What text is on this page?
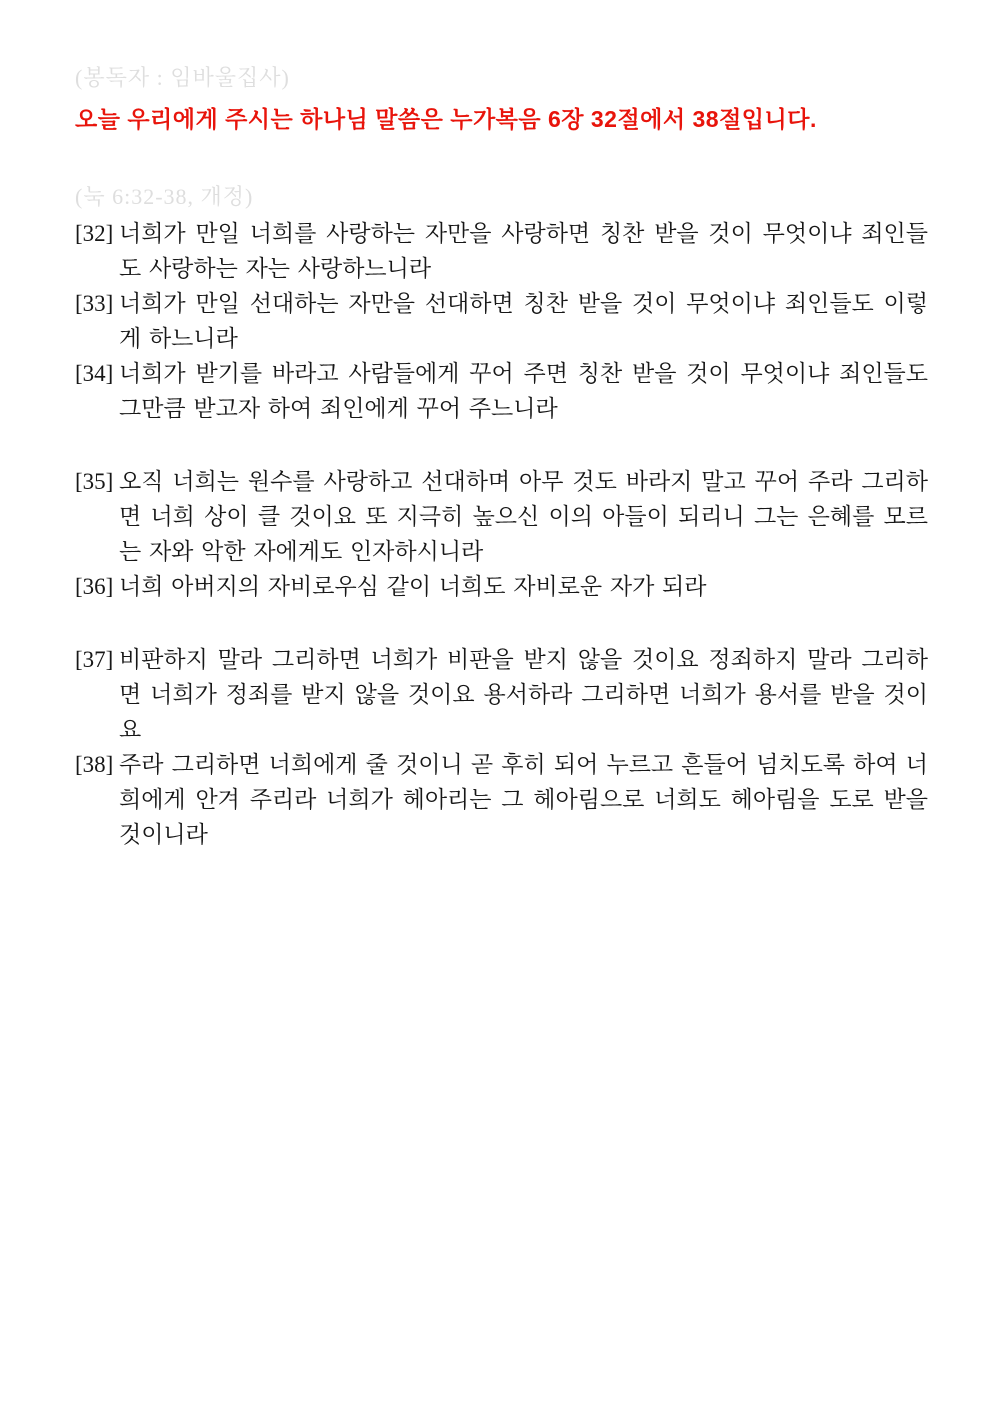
(봉독자 : 임바울집사)
오늘 우리에게 주시는 하나님 말씀은 누가복음 6장 32절에서 38절입니다.
(눅 6:32-38, 개정)
[32] 너희가 만일 너희를 사랑하는 자만을 사랑하면 칭찬 받을 것이 무엇이냐 죄인들도 사랑하는 자는 사랑하느니라
[33] 너희가 만일 선대하는 자만을 선대하면 칭찬 받을 것이 무엇이냐 죄인들도 이렇게 하느니라
[34] 너희가 받기를 바라고 사람들에게 꾸어 주면 칭찬 받을 것이 무엇이냐 죄인들도 그만큼 받고자 하여 죄인에게 꾸어 주느니라
[35] 오직 너희는 원수를 사랑하고 선대하며 아무 것도 바라지 말고 꾸어 주라 그리하면 너희 상이 클 것이요 또 지극히 높으신 이의 아들이 되리니 그는 은혜를 모르는 자와 악한 자에게도 인자하시니라
[36] 너희 아버지의 자비로우심 같이 너희도 자비로운 자가 되라
[37] 비판하지 말라 그리하면 너희가 비판을 받지 않을 것이요 정죄하지 말라 그리하면 너희가 정죄를 받지 않을 것이요 용서하라 그리하면 너희가 용서를 받을 것이요
[38] 주라 그리하면 너희에게 줄 것이니 곧 후히 되어 누르고 흔들어 넘치도록 하여 너희에게 안겨 주리라 너희가 헤아리는 그 헤아림으로 너희도 헤아림을 도로 받을 것이니라
